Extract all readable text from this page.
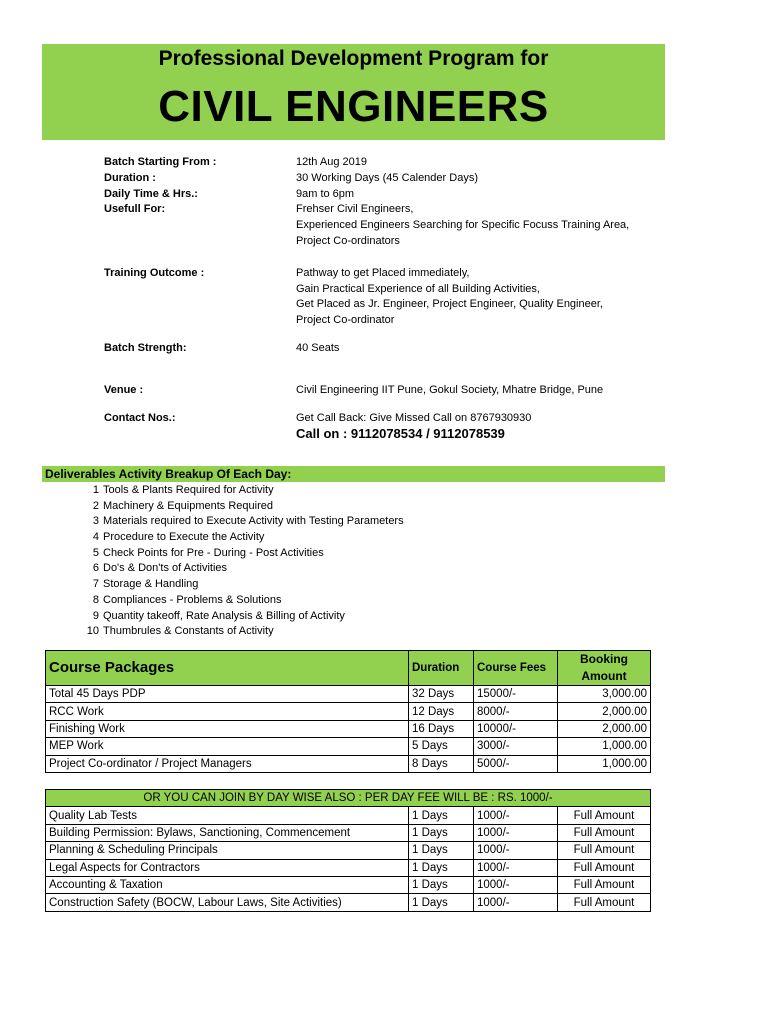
Professional Development Program for
CIVIL ENGINEERS
Batch Starting From :	12th Aug 2019
Duration :	30 Working Days (45 Calender Days)
Daily Time & Hrs.:	9am to 6pm
Usefull For:	Frehser Civil Engineers,
Experienced Engineers Searching for Specific Focuss Training Area,
Project Co-ordinators
Training Outcome :	Pathway to get Placed immediately,
Gain Practical Experience of all Building Activities,
Get Placed as Jr. Engineer, Project Engineer, Quality Engineer,
Project Co-ordinator
Batch Strength:	40 Seats
Venue :	Civil Engineering IIT Pune, Gokul Society, Mhatre Bridge, Pune
Contact Nos.:	Get Call Back: Give Missed Call on 8767930930
Call on : 9112078534 / 9112078539
Deliverables Activity Breakup Of Each Day:
1 Tools & Plants Required for Activity
2 Machinery & Equipments Required
3 Materials required to Execute Activity with Testing Parameters
4 Procedure to Execute the Activity
5 Check Points for Pre - During - Post Activities
6 Do's & Don'ts of Activities
7 Storage & Handling
8 Compliances - Problems & Solutions
9 Quantity takeoff, Rate Analysis & Billing of Activity
10 Thumbrules & Constants of Activity
Course Packages	Duration	Course Fees	Booking
Amount
Total 45 Days PDP	32 Days	15000/-	3,000.00
RCC Work	12 Days	8000/-	2,000.00
Finishing Work	16 Days	10000/-	2,000.00
MEP Work	5 Days	3000/-	1,000.00
Project Co-ordinator / Project Managers	8 Days	5000/-	1,000.00
OR YOU CAN JOIN BY DAY WISE ALSO : PER DAY FEE WILL BE : RS. 1000/-			
Quality Lab Tests	1 Days	1000/-	Full Amount
Building Permission: Bylaws, Sanctioning, Commencement	1 Days	1000/-	Full Amount
Planning & Scheduling Principals	1 Days	1000/-	Full Amount
Legal Aspects for Contractors	1 Days	1000/-	Full Amount
Accounting & Taxation	1 Days	1000/-	Full Amount
Construction Safety (BOCW, Labour Laws, Site Activities)	1 Days	1000/-	Full Amount
